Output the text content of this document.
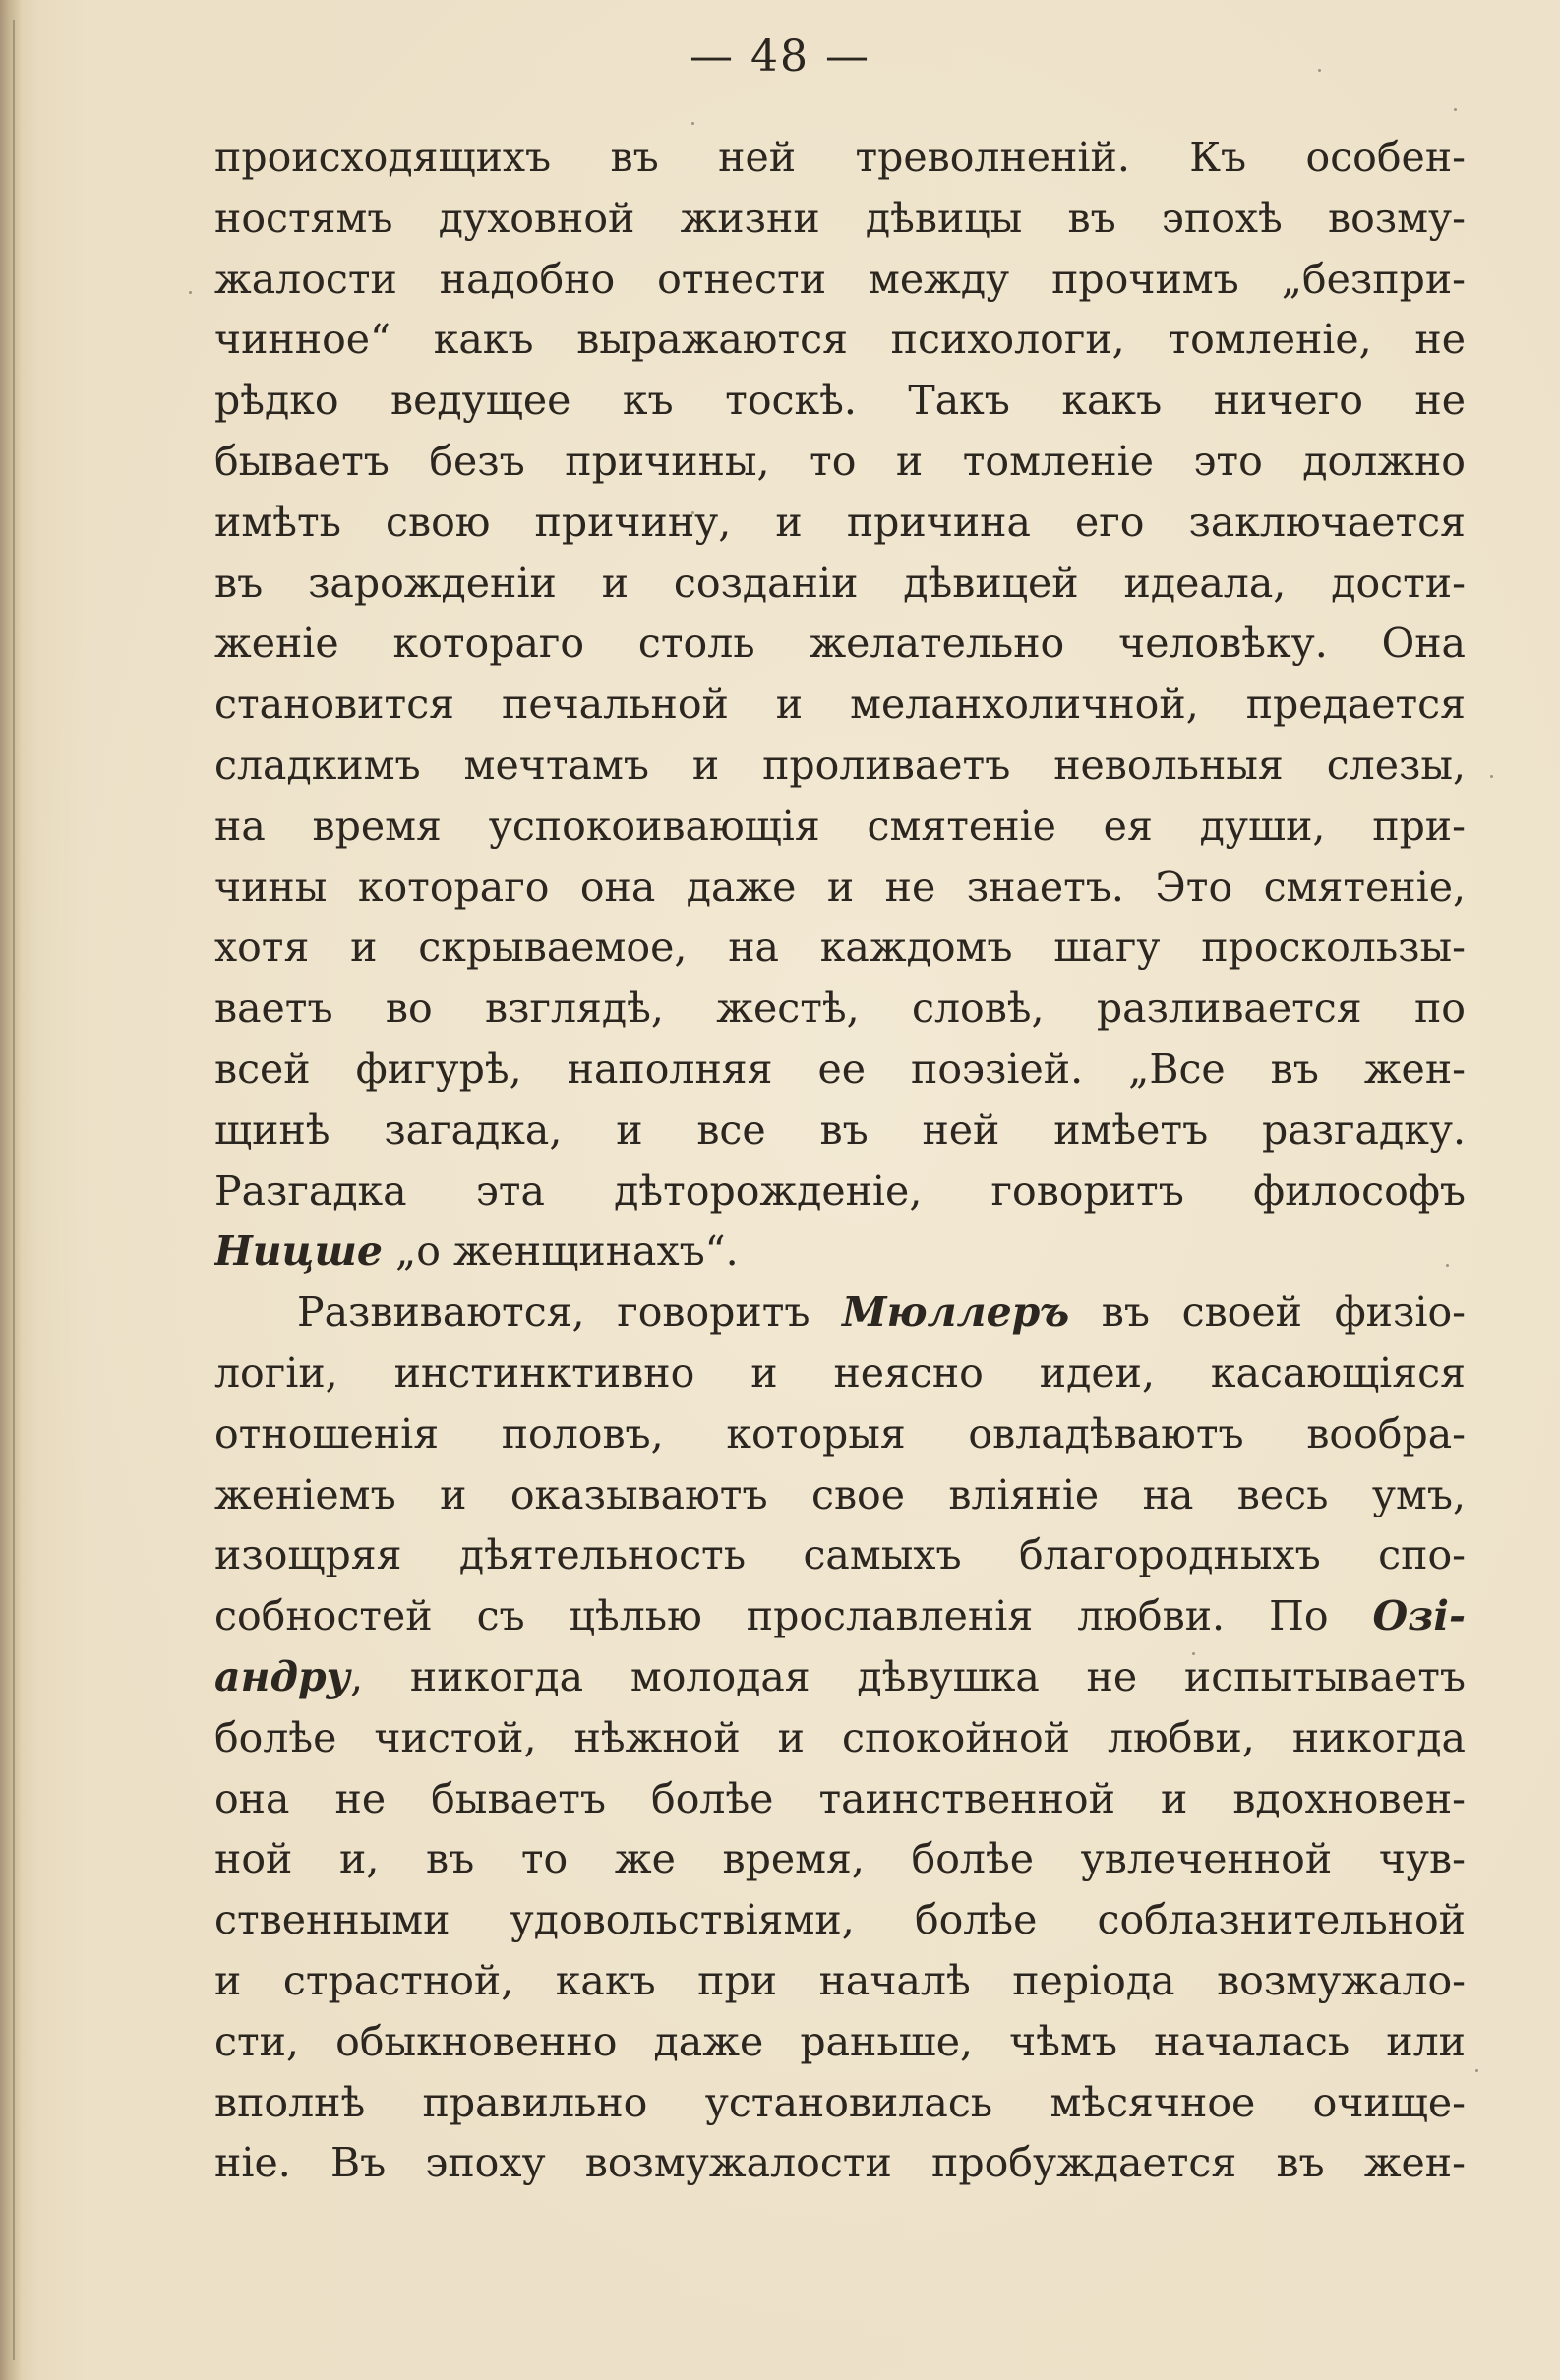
— 48 —
происходящихъ въ ней треволненій. Къ особен-
ностямъ духовной жизни дѣвицы въ эпохѣ возму-
жалости надобно отнести между прочимъ „безпри-
чинное“ какъ выражаются психологи, томленіе, не
рѣдко ведущее къ тоскѣ. Такъ какъ ничего не
бываетъ безъ причины, то и томленіе это должно
имѣть свою причину, и причина его заключается
въ зарожденіи и созданіи дѣвицей идеала, дости-
женіе котораго столь желательно человѣку. Она
становится печальной и меланхоличной, предается
сладкимъ мечтамъ и проливаетъ невольныя слезы,
на время успокоивающія смятеніе ея души, при-
чины котораго она даже и не знаетъ. Это смятеніе,
хотя и скрываемое, на каждомъ шагу проскользы-
ваетъ во взглядѣ, жестѣ, словѣ, разливается по
всей фигурѣ, наполняя ее поэзіей. „Все въ жен-
щинѣ загадка, и все въ ней имѣетъ разгадку.
Разгадка эта дѣторожденіе, говоритъ философъ
Ницше „о женщинахъ“.
Развиваются, говоритъ Мюллеръ въ своей физіо-
логіи, инстинктивно и неясно идеи, касающіяся
отношенія половъ, которыя овладѣваютъ вообра-
женіемъ и оказываютъ свое вліяніе на весь умъ,
изощряя дѣятельность самыхъ благородныхъ спо-
собностей съ цѣлью прославленія любви. По Озі-
андру, никогда молодая дѣвушка не испытываетъ
болѣе чистой, нѣжной и спокойной любви, никогда
она не бываетъ болѣе таинственной и вдохновен-
ной и, въ то же время, болѣе увлеченной чув-
ственными удовольствіями, болѣе соблазнительной
и страстной, какъ при началѣ періода возмужало-
сти, обыкновенно даже раньше, чѣмъ началась или
вполнѣ правильно установилась мѣсячное очище-
ніе. Въ эпоху возмужалости пробуждается въ жен-
